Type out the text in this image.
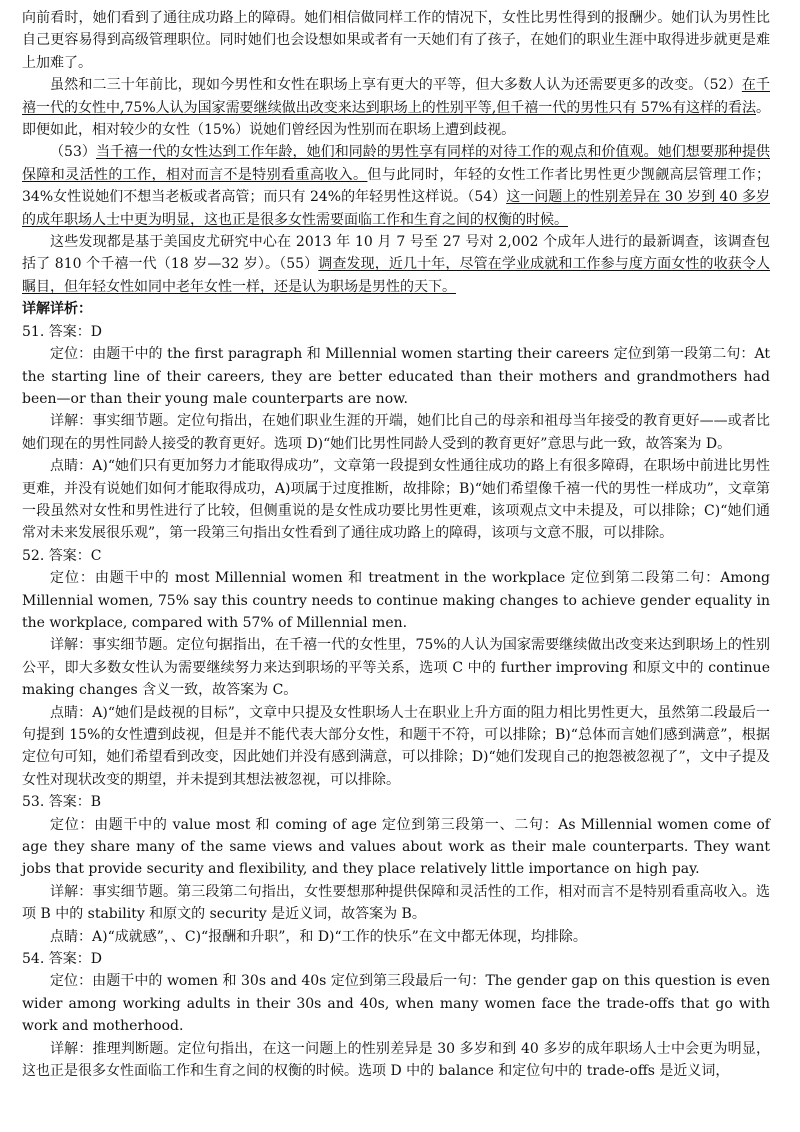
向前看时，她们看到了通往成功路上的障碍。她们相信做同样工作的情况下，女性比男性得到的报酬少。她们认为男性比自己更容易得到高级管理职位。同时她们也会设想如果或者有一天她们有了孩子，在她们的职业生涯中取得进步就更是难上加难了。

虽然和二三十年前比，现如今男性和女性在职场上享有更大的平等，但大多数人认为还需要更多的改变。（52）在千禧一代的女性中,75%人认为国家需要继续做出改变来达到职场上的性别平等,但千禧一代的男性只有 57%有这样的看法。即便如此，相对较少的女性（15%）说她们曾经因为性别而在职场上遭到歧视。

（53）当千禧一代的女性达到工作年龄，她们和同龄的男性享有同样的对待工作的观点和价值观。她们想要那种提供保障和灵活性的工作，相对而言不是特别看重高收入。但与此同时，年轻的女性工作者比男性更少觊觎高层管理工作；34%女性说她们不想当老板或者高管；而只有 24%的年轻男性这样说。（54）这一问题上的性别差异在 30 岁到 40 多岁的成年职场人士中更为明显，这也正是很多女性需要面临工作和生育之间的权衡的时候。

这些发现都是基于美国皮尤研究中心在 2013 年 10 月 7 号至 27 号对 2,002 个成年人进行的最新调查，该调查包括了 810 个千禧一代（18 岁—32 岁）。（55）调查发现，近几十年，尽管在学业成就和工作参与度方面女性的收获令人瞩目，但年轻女性如同中老年女性一样，还是认为职场是男性的天下。

详解详析：

51. 答案：D

定位：由题干中的 the first paragraph 和 Millennial women starting their careers 定位到第一段第二句：At the starting line of their careers, they are better educated than their mothers and grandmothers had been—or than their young male counterparts are now.

详解：事实细节题。定位句指出，在她们职业生涯的开端，她们比自己的母亲和祖母当年接受的教育更好——或者比她们现在的男性同龄人接受的教育更好。选项 D)“她们比男性同龄人受到的教育更好”意思与此一致，故答案为 D。

点睛：A)“她们只有更加努力才能取得成功”，文章第一段提到女性通往成功的路上有很多障碍，在职场中前进比男性更难，并没有说她们如何才能取得成功，A)项属于过度推断，故排除；B)“她们希望像千禧一代的男性一样成功”，文章第一段虽然对女性和男性进行了比较，但侧重说的是女性成功要比男性更难，该项观点文中未提及，可以排除；C)“她们通常对未来发展很乐观”，第一段第三句指出女性看到了通往成功路上的障碍，该项与文意不服，可以排除。

52. 答案：C

定位：由题干中的 most Millennial women 和 treatment in the workplace 定位到第二段第二句：Among Millennial women, 75% say this country needs to continue making changes to achieve gender equality in the workplace, compared with 57% of Millennial men.

详解：事实细节题。定位句据指出，在千禧一代的女性里，75%的人认为国家需要继续做出改变来达到职场上的性别公平，即大多数女性认为需要继续努力来达到职场的平等关系，选项 C 中的 further improving 和原文中的 continue making changes 含义一致，故答案为 C。

点睛：A)“她们是歧视的目标”，文章中只提及女性职场人士在职业上升方面的阻力相比男性更大，虽然第二段最后一句提到 15%的女性遭到歧视，但是并不能代表大部分女性，和题干不符，可以排除；B)“总体而言她们感到满意”，根据定位句可知，她们希望看到改变，因此她们并没有感到满意，可以排除；D)“她们发现自己的抱怨被忽视了”，文中子提及女性对现状改变的期望，并未提到其想法被忽视，可以排除。

53. 答案：B

定位：由题干中的 value most 和 coming of age 定位到第三段第一、二句：As Millennial women come of age they share many of the same views and values about work as their male counterparts. They want jobs that provide security and flexibility, and they place relatively little importance on high pay.

详解：事实细节题。第三段第二句指出，女性要想那种提供保障和灵活性的工作，相对而言不是特别看重高收入。选项 B 中的 stability 和原文的 security 是近义词，故答案为 B。

点睛：A)“成就感”，、C)“报酬和升职”，和 D)“工作的快乐”在文中都无体现，均排除。

54. 答案：D

定位：由题干中的 women 和 30s and 40s 定位到第三段最后一句：The gender gap on this question is even wider among working adults in their 30s and 40s, when many women face the trade-offs that go with work and motherhood.

详解：推理判断题。定位句指出，在这一问题上的性别差异是 30 多岁和到 40 多岁的成年职场人士中会更为明显，这也正是很多女性面临工作和生育之间的权衡的时候。选项 D 中的 balance 和定位句中的 trade-offs 是近义词，
